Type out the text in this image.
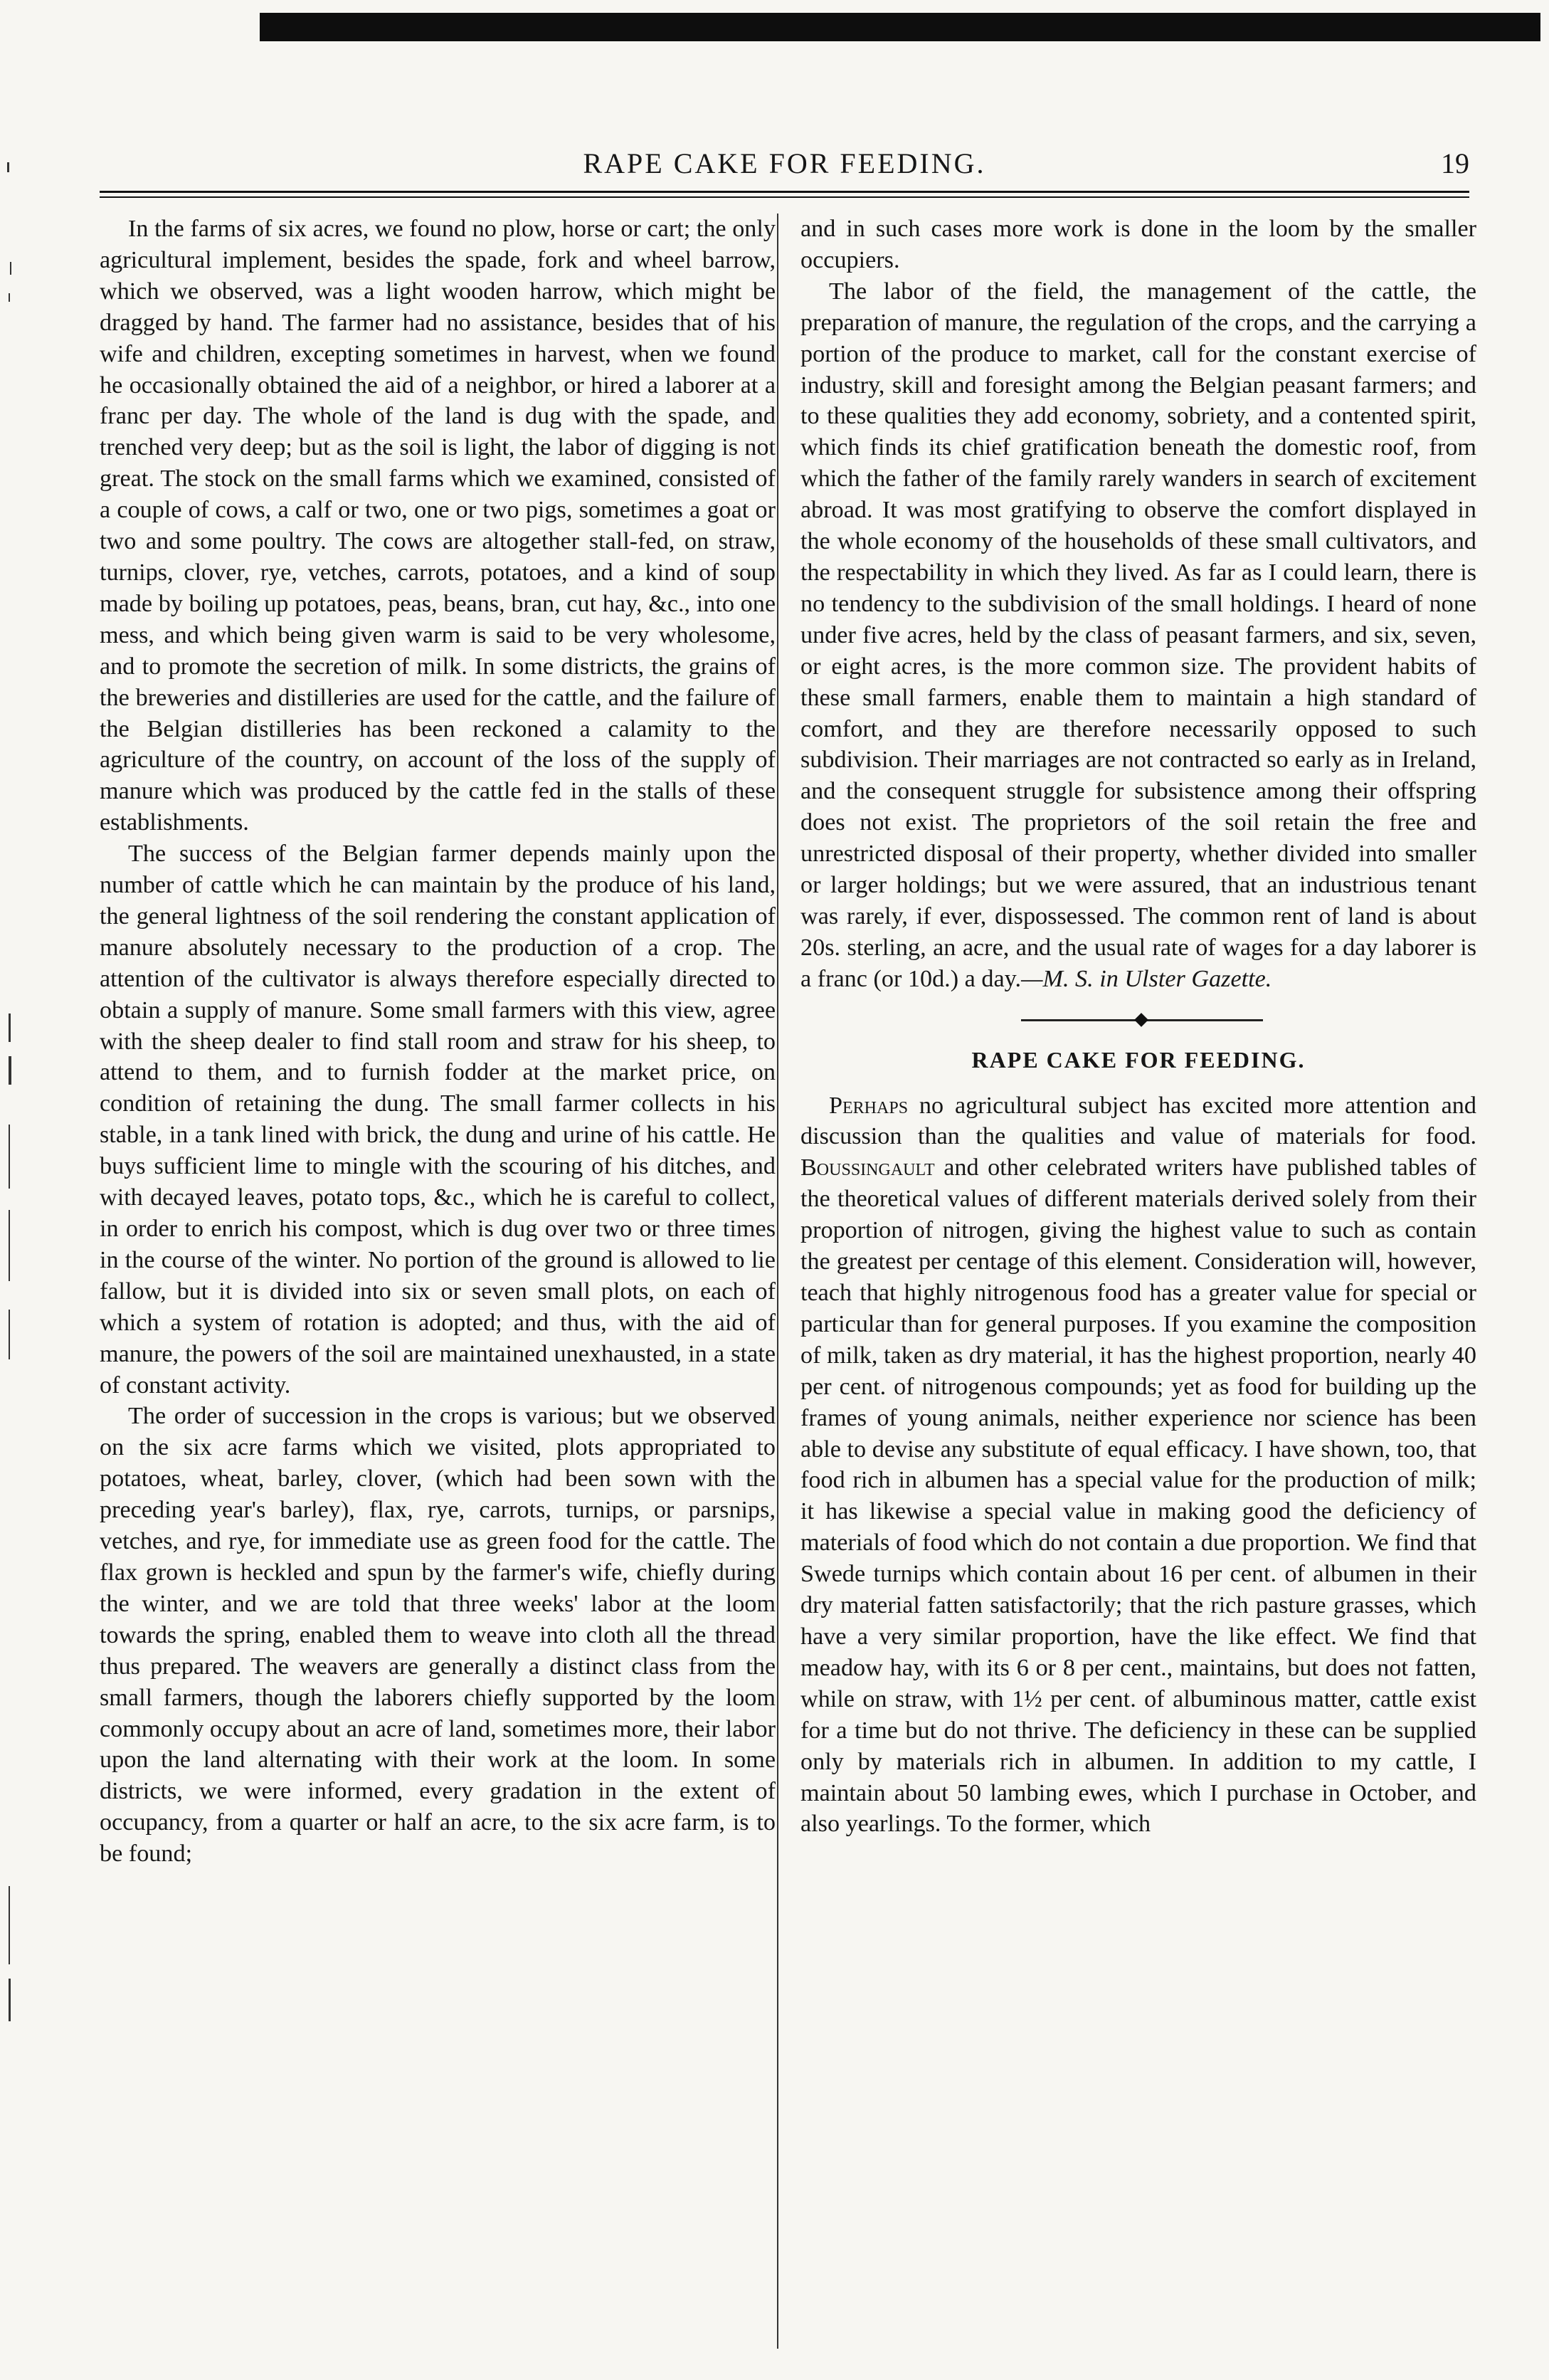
RAPE CAKE FOR FEEDING.	19

In the farms of six acres, we found no plow, horse or cart; the only agricultural implement, besides the spade, fork and wheel barrow, which we observed, was a light wooden harrow, which might be dragged by hand. The farmer had no assistance, besides that of his wife and children, excepting sometimes in harvest, when we found he occasionally obtained the aid of a neighbor, or hired a laborer at a franc per day. The whole of the land is dug with the spade, and trenched very deep; but as the soil is light, the labor of digging is not great. The stock on the small farms which we examined, consisted of a couple of cows, a calf or two, one or two pigs, sometimes a goat or two and some poultry. The cows are altogether stall-fed, on straw, turnips, clover, rye, vetches, carrots, potatoes, and a kind of soup made by boiling up potatoes, peas, beans, bran, cut hay, &c., into one mess, and which being given warm is said to be very wholesome, and to promote the secretion of milk. In some districts, the grains of the breweries and distilleries are used for the cattle, and the failure of the Belgian distilleries has been reckoned a calamity to the agriculture of the country, on account of the loss of the supply of manure which was produced by the cattle fed in the stalls of these establishments.

The success of the Belgian farmer depends mainly upon the number of cattle which he can maintain by the produce of his land, the general lightness of the soil rendering the constant application of manure absolutely necessary to the production of a crop. The attention of the cultivator is always therefore especially directed to obtain a supply of manure. Some small farmers with this view, agree with the sheep dealer to find stall room and straw for his sheep, to attend to them, and to furnish fodder at the market price, on condition of retaining the dung. The small farmer collects in his stable, in a tank lined with brick, the dung and urine of his cattle. He buys sufficient lime to mingle with the scouring of his ditches, and with decayed leaves, potato tops, &c., which he is careful to collect, in order to enrich his compost, which is dug over two or three times in the course of the winter. No portion of the ground is allowed to lie fallow, but it is divided into six or seven small plots, on each of which a system of rotation is adopted; and thus, with the aid of manure, the powers of the soil are maintained unexhausted, in a state of constant activity.

The order of succession in the crops is various; but we observed on the six acre farms which we visited, plots appropriated to potatoes, wheat, barley, clover, (which had been sown with the preceding year's barley), flax, rye, carrots, turnips, or parsnips, vetches, and rye, for immediate use as green food for the cattle. The flax grown is heckled and spun by the farmer's wife, chiefly during the winter, and we are told that three weeks' labor at the loom towards the spring, enabled them to weave into cloth all the thread thus prepared. The weavers are generally a distinct class from the small farmers, though the laborers chiefly supported by the loom commonly occupy about an acre of land, sometimes more, their labor upon the land alternating with their work at the loom. In some districts, we were informed, every gradation in the extent of occupancy, from a quarter or half an acre, to the six acre farm, is to be found;

and in such cases more work is done in the loom by the smaller occupiers.

The labor of the field, the management of the cattle, the preparation of manure, the regulation of the crops, and the carrying a portion of the produce to market, call for the constant exercise of industry, skill and foresight among the Belgian peasant farmers; and to these qualities they add economy, sobriety, and a contented spirit, which finds its chief gratification beneath the domestic roof, from which the father of the family rarely wanders in search of excitement abroad. It was most gratifying to observe the comfort displayed in the whole economy of the households of these small cultivators, and the respectability in which they lived. As far as I could learn, there is no tendency to the subdivision of the small holdings. I heard of none under five acres, held by the class of peasant farmers, and six, seven, or eight acres, is the more common size. The provident habits of these small farmers, enable them to maintain a high standard of comfort, and they are therefore necessarily opposed to such subdivision. Their marriages are not contracted so early as in Ireland, and the consequent struggle for subsistence among their offspring does not exist. The proprietors of the soil retain the free and unrestricted disposal of their property, whether divided into smaller or larger holdings; but we were assured, that an industrious tenant was rarely, if ever, dispossessed. The common rent of land is about 20s. sterling, an acre, and the usual rate of wages for a day laborer is a franc (or 10d.) a day.—M. S. in Ulster Gazette.

RAPE CAKE FOR FEEDING.

Perhaps no agricultural subject has excited more attention and discussion than the qualities and value of materials for food. Boussingault and other celebrated writers have published tables of the theoretical values of different materials derived solely from their proportion of nitrogen, giving the highest value to such as contain the greatest per centage of this element. Consideration will, however, teach that highly nitrogenous food has a greater value for special or particular than for general purposes. If you examine the composition of milk, taken as dry material, it has the highest proportion, nearly 40 per cent. of nitrogenous compounds; yet as food for building up the frames of young animals, neither experience nor science has been able to devise any substitute of equal efficacy. I have shown, too, that food rich in albumen has a special value for the production of milk; it has likewise a special value in making good the deficiency of materials of food which do not contain a due proportion. We find that Swede turnips which contain about 16 per cent. of albumen in their dry material fatten satisfactorily; that the rich pasture grasses, which have a very similar proportion, have the like effect. We find that meadow hay, with its 6 or 8 per cent., maintains, but does not fatten, while on straw, with 1½ per cent. of albuminous matter, cattle exist for a time but do not thrive. The deficiency in these can be supplied only by materials rich in albumen. In addition to my cattle, I maintain about 50 lambing ewes, which I purchase in October, and also yearlings. To the former, which
